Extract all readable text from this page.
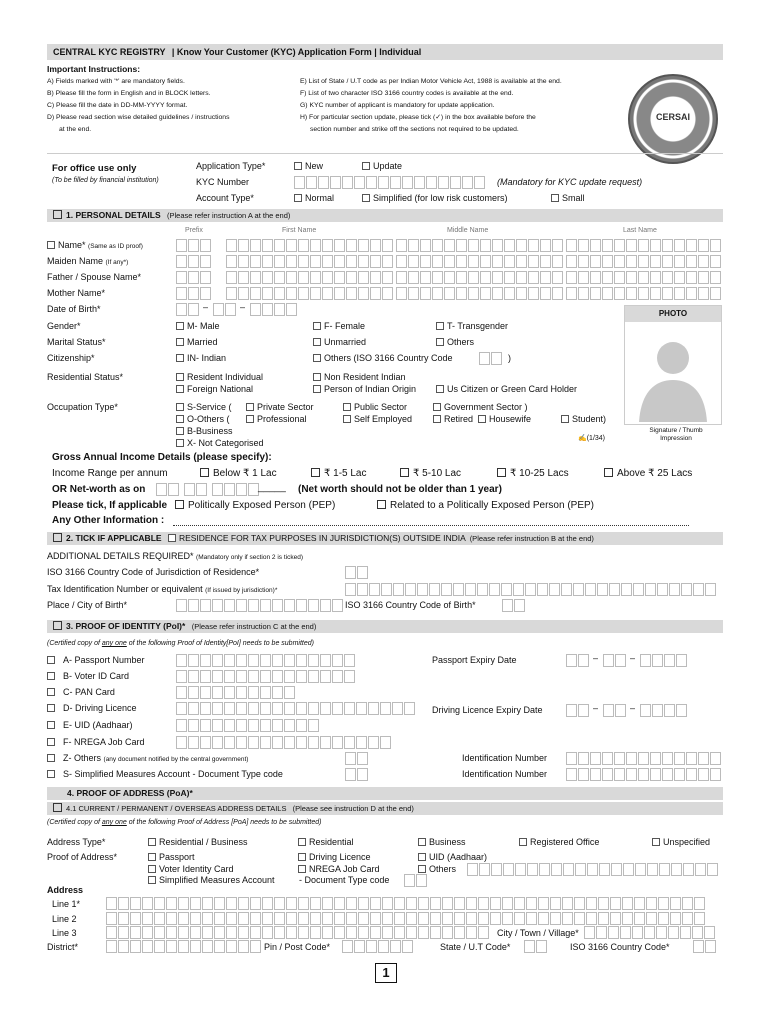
CENTRAL KYC REGISTRY | Know Your Customer (KYC) Application Form | Individual
Important Instructions:
A) Fields marked with '*' are mandatory fields.
B) Please fill the form in English and in BLOCK letters.
C) Please fill the date in DD-MM-YYYY format.
D) Please read section wise detailed guidelines / instructions
at the end.
E) List of State / U.T code as per Indian Motor Vehicle Act, 1988 is available at the end.
F) List of two character ISO 3166 country codes is available at the end.
G) KYC number of applicant is mandatory for update application.
H) For particular section update, please tick (✓) in the box available before the
section number and strike off the sections not required to be updated.
CERSAI
For office use only
(To be filled by financial institution)
Application Type*	New	Update
KYC Number	(Mandatory for KYC update request)
Account Type*	Normal	Simplified (for low risk customers)	Small
1. PERSONAL DETAILS (Please refer instruction A at the end)
Prefix	First Name	Middle Name	Last Name
Name* (Same as ID proof)
Maiden Name (If any*)
Father / Spouse Name*
Mother Name*
Date of Birth*	–	–
PHOTO
Gender*	M- Male	F- Female	T- Transgender
Marital Status*	Married	Unmarried	Others
Citizenship*	IN- Indian	Others (ISO 3166 Country Code	)
Residential Status*	Resident Individual	Non Resident Indian
Foreign National	Person of Indian Origin	Us Citizen or Green Card Holder
Occupation Type*	S-Service (	Private Sector	Public Sector	Government Sector )
O-Others (	Professional	Self Employed	Retired	Housewife	Student)
B-Business
X- Not Categorised	✍(1/34)
Signature / Thumb Impression
Gross Annual Income Details (please specify):
Income Range per annum	Below ₹ 1 Lac	₹ 1-5 Lac	₹ 5-10 Lac	₹ 10-25 Lacs	Above ₹ 25 Lacs
OR Net-worth as on	_____ (Net worth should not be older than 1 year)
Please tick, If applicable	Politically Exposed Person (PEP)	Related to a Politically Exposed Person (PEP)
Any Other Information :
2. TICK IF APPLICABLE RESIDENCE FOR TAX PURPOSES IN JURISDICTION(S) OUTSIDE INDIA (Please refer instruction B at the end)
ADDITIONAL DETAILS REQUIRED* (Mandatory only if section 2 is ticked)
ISO 3166 Country Code of Jurisdiction of Residence*
Tax Identification Number or equivalent (If issued by jurisdiction)*
Place / City of Birth*	ISO 3166 Country Code of Birth*
3. PROOF OF IDENTITY (PoI)* (Please refer instruction C at the end)
(Certified copy of any one of the following Proof of Identity[PoI] needs to be submitted)
A- Passport Number	Passport Expiry Date	–	–
B- Voter ID Card
C- PAN Card
D- Driving Licence	Driving Licence Expiry Date	–	–
E- UID (Aadhaar)
F- NREGA Job Card
Z- Others (any document notified by the central government)	Identification Number
S- Simplified Measures Account - Document Type code	Identification Number
4. PROOF OF ADDRESS (PoA)*
4.1 CURRENT / PERMANENT / OVERSEAS ADDRESS DETAILS (Please see instruction D at the end)
(Certified copy of any one of the following Proof of Address [PoA] needs to be submitted)
Address Type*	Residential / Business	Residential	Business	Registered Office	Unspecified
Proof of Address*	Passport	Driving Licence	UID (Aadhaar)
Voter Identity Card	NREGA Job Card	Others
Simplified Measures Account	- Document Type code
Address
Line 1*
Line 2
Line 3	City / Town / Village*
District*	Pin / Post Code*	State / U.T Code*	ISO 3166 Country Code*
1
